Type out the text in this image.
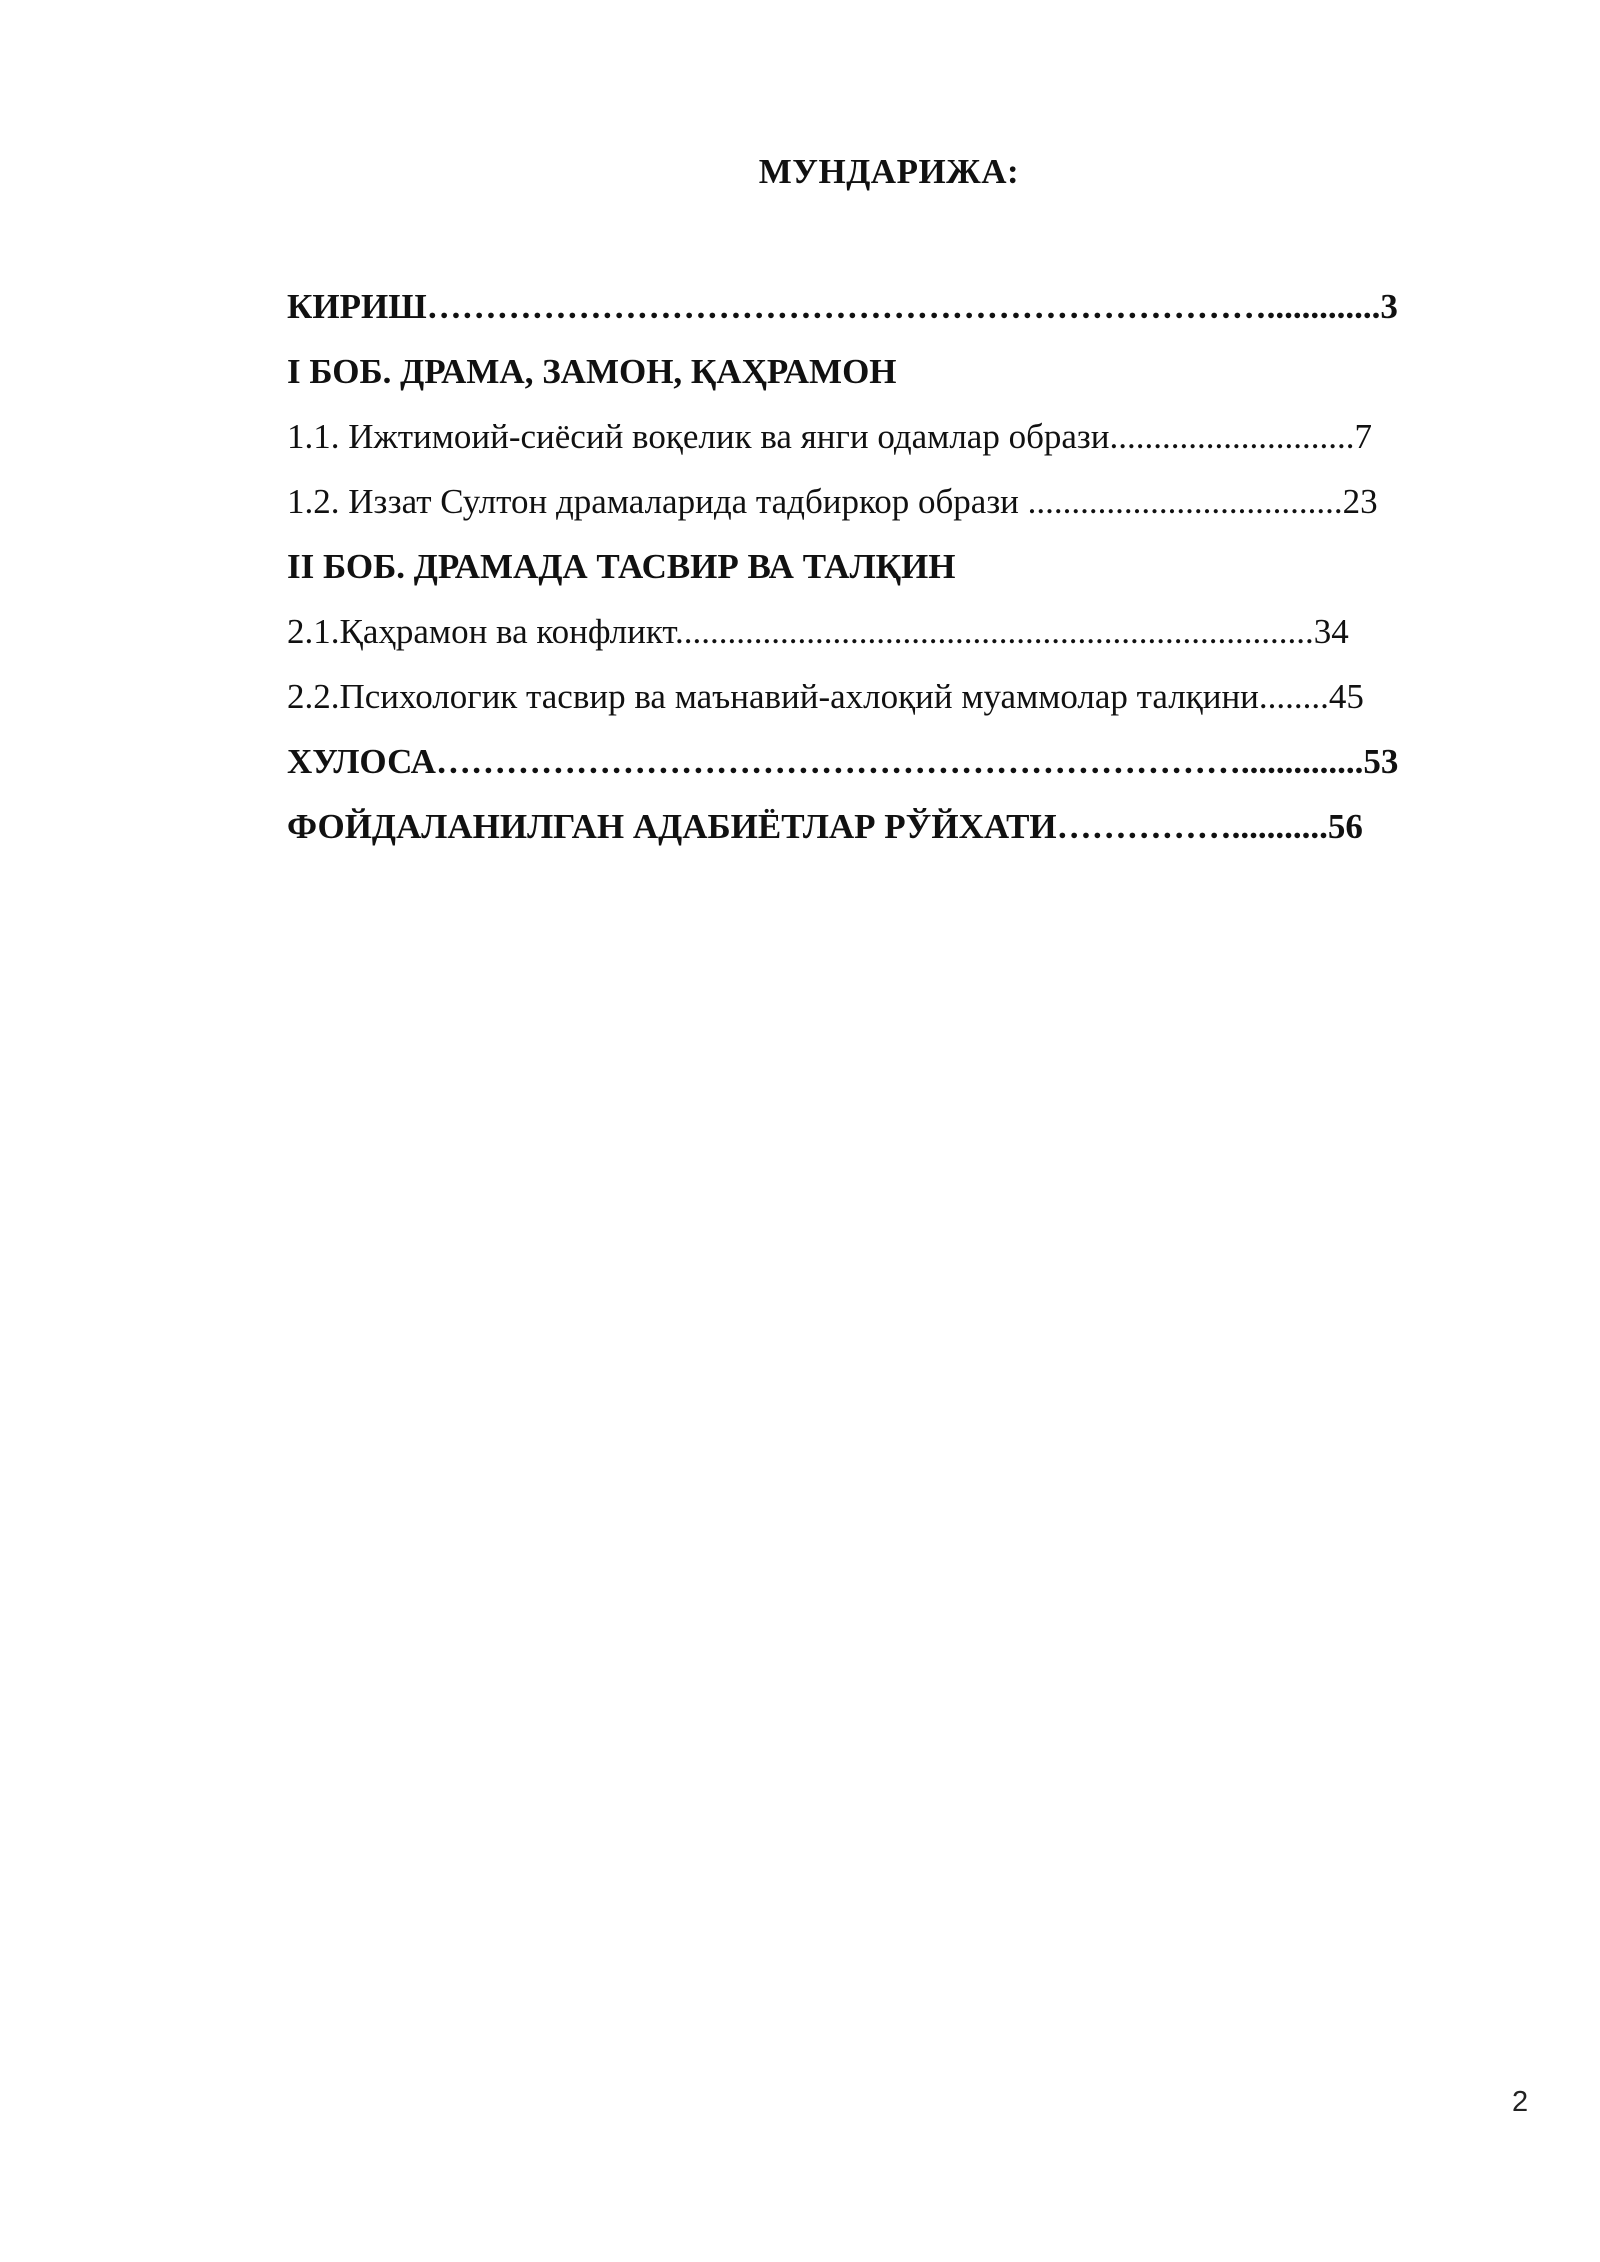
МУНДАРИЖА:
КИРИШ……………………………………………………………….............3
I БОБ. ДРАМА, ЗАМОН, ҚАҲРАМОН
1.1. Ижтимоий-сиёсий воқелик ва янги одамлар образи............................7
1.2. Иззат Султон драмаларида тадбиркор образи ....................................23
II БОБ. ДРАМАДА ТАСВИР ВА ТАЛҚИН
2.1.Қаҳрамон ва конфликт.........................................................................34
2.2.Психологик тасвир ва маънавий-ахлоқий муаммолар талқини........45
ХУЛОСА……………………………………………………………..............53
ФОЙДАЛАНИЛГАН АДАБИЁТЛАР РЎЙХАТИ……………...........56
2
